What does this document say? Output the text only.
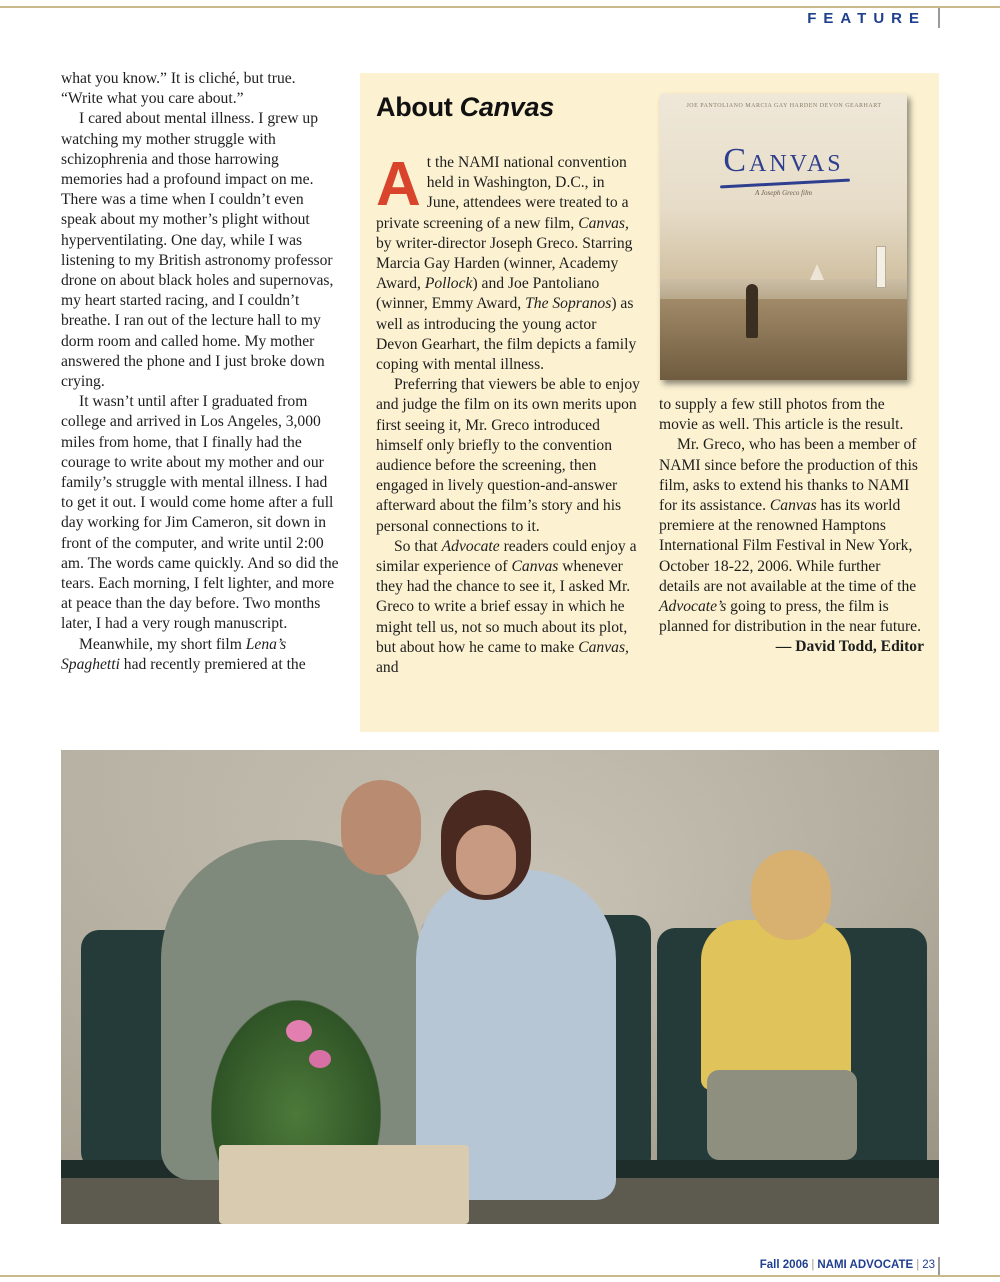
FEATURE

what you know.” It is cliché, but true. “Write what you care about.”

I cared about mental illness. I grew up watching my mother struggle with schizophrenia and those harrowing memories had a profound impact on me. There was a time when I couldn’t even speak about my mother’s plight without hyperventilating. One day, while I was listening to my British astronomy professor drone on about black holes and supernovas, my heart started racing, and I couldn’t breathe. I ran out of the lecture hall to my dorm room and called home. My mother answered the phone and I just broke down crying.

It wasn’t until after I graduated from college and arrived in Los Angeles, 3,000 miles from home, that I finally had the courage to write about my mother and our family’s struggle with mental illness. I had to get it out. I would come home after a full day working for Jim Cameron, sit down in front of the computer, and write until 2:00 am. The words came quickly. And so did the tears. Each morning, I felt lighter, and more at peace than the day before. Two months later, I had a very rough manuscript.

Meanwhile, my short film Lena’s Spaghetti had recently premiered at the

About Canvas	JOE PANTOLIANO MARCIA GAY HARDEN DEVON GEARHART
Canvas
A Joseph Greco film

At the NAMI national convention held in Washington, D.C., in June, attendees were treated to a private screening of a new film, Canvas, by writer-director Joseph Greco. Starring Marcia Gay Harden (winner, Academy Award, Pollock) and Joe Pantoliano (winner, Emmy Award, The Sopranos) as well as introducing the young actor Devon Gearhart, the film depicts a family coping with mental illness.

Preferring that viewers be able to enjoy and judge the film on its own merits upon first seeing it, Mr. Greco introduced himself only briefly to the convention audience before the screening, then engaged in lively question-and-answer afterward about the film’s story and his personal connections to it.

So that Advocate readers could enjoy a similar experience of Canvas whenever they had the chance to see it, I asked Mr. Greco to write a brief essay in which he might tell us, not so much about its plot, but about how he came to make Canvas, and

to supply a few still photos from the movie as well. This article is the result.

Mr. Greco, who has been a member of NAMI since before the production of this film, asks to extend his thanks to NAMI for its assistance. Canvas has its world premiere at the renowned Hamptons International Film Festival in New York, October 18-22, 2006. While further details are not available at the time of the Advocate’s going to press, the film is planned for distribution in the near future.

— David Todd, Editor

Fall 2006 | NAMI ADVOCATE | 23
